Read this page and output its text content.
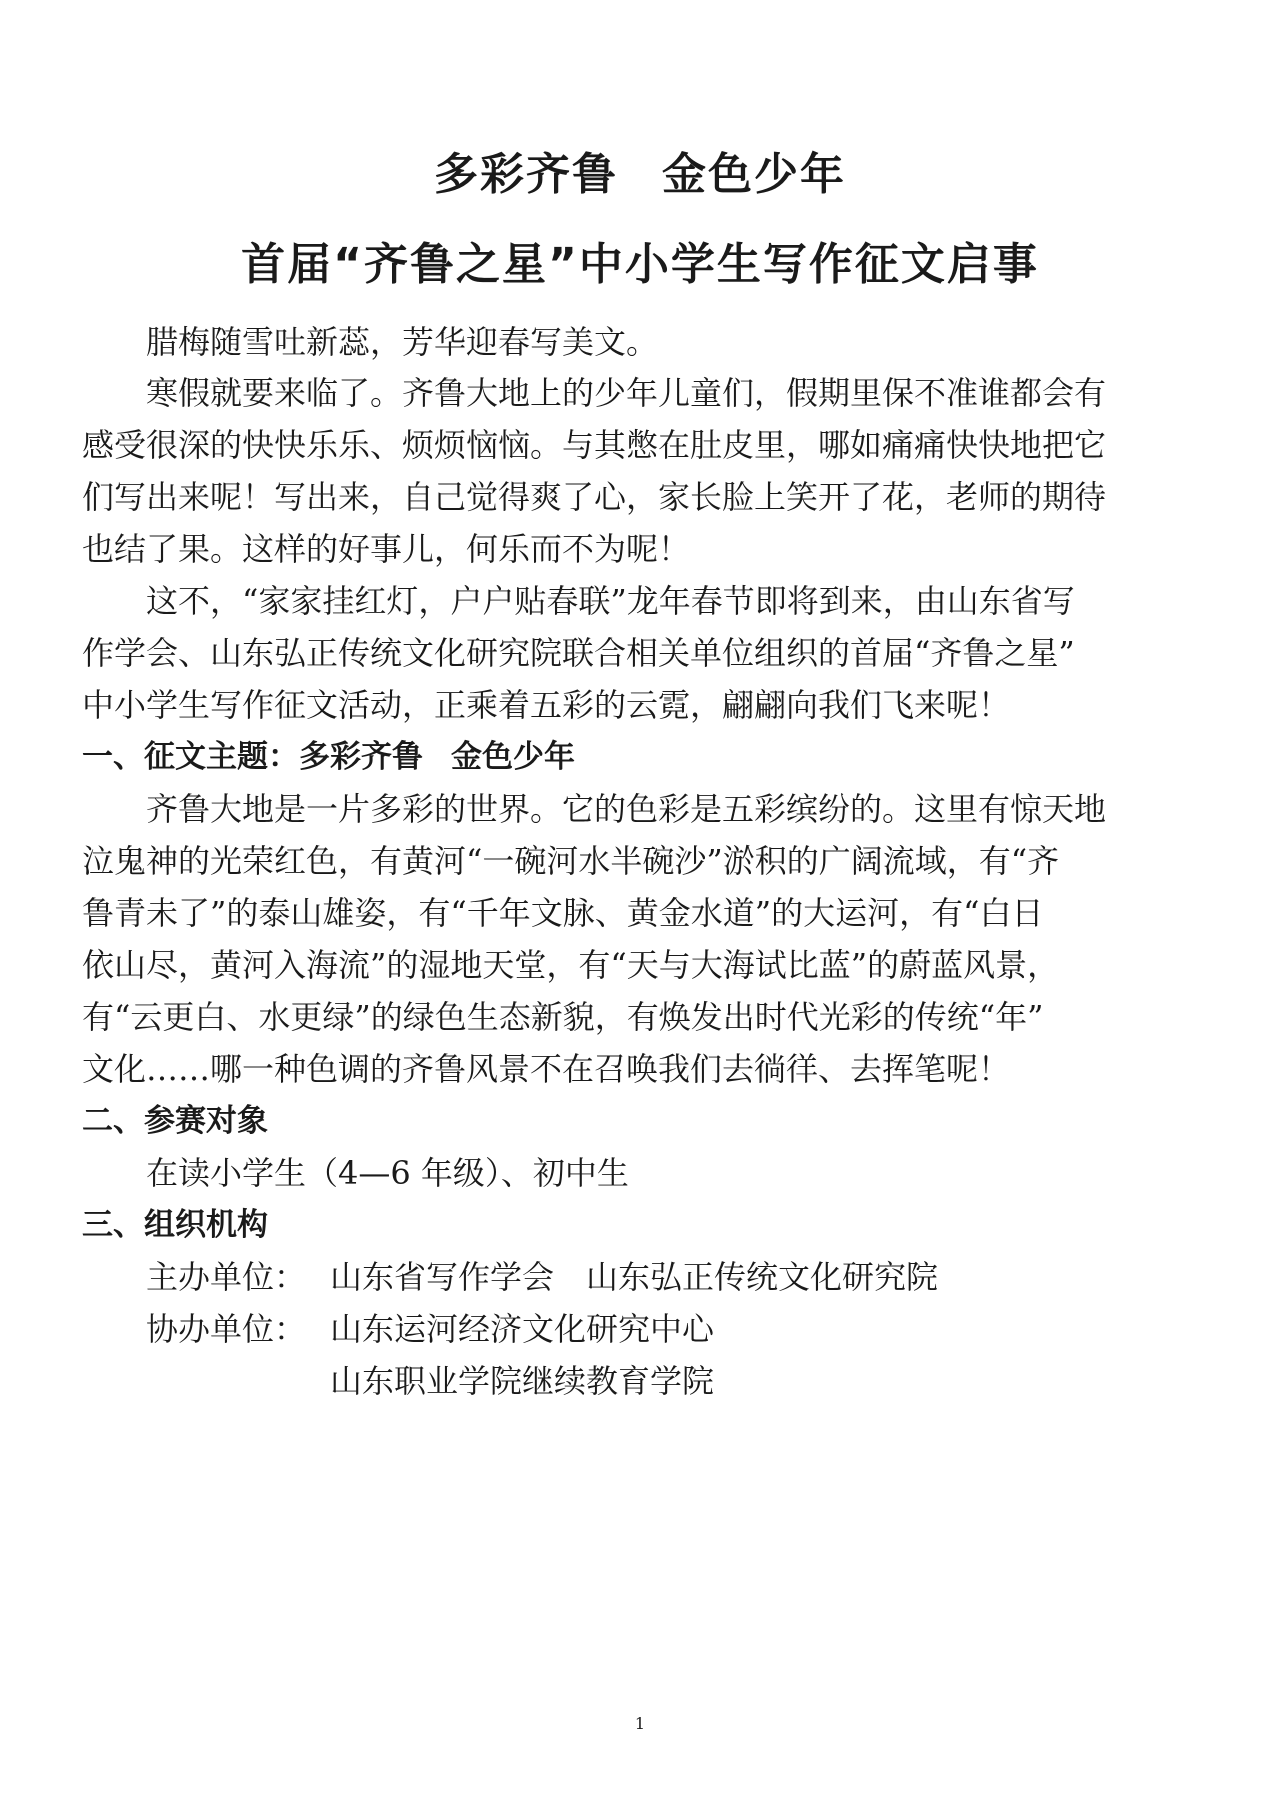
多彩齐鲁 金色少年
首届“齐鲁之星”中小学生写作征文启事

腊梅随雪吐新蕊，芳华迎春写美文。

寒假就要来临了。齐鲁大地上的少年儿童们，假期里保不准谁都会有

感受很深的快快乐乐、烦烦恼恼。与其憋在肚皮里，哪如痛痛快快地把它

们写出来呢！写出来，自己觉得爽了心，家长脸上笑开了花，老师的期待

也结了果。这样的好事儿，何乐而不为呢！

这不，“家家挂红灯，户户贴春联”龙年春节即将到来，由山东省写

作学会、山东弘正传统文化研究院联合相关单位组织的首届“齐鲁之星”

中小学生写作征文活动，正乘着五彩的云霓，翩翩向我们飞来呢！

一、征文主题：多彩齐鲁 金色少年

齐鲁大地是一片多彩的世界。它的色彩是五彩缤纷的。这里有惊天地

泣鬼神的光荣红色，有黄河“一碗河水半碗沙”淤积的广阔流域，有“齐

鲁青未了”的泰山雄姿，有“千年文脉、黄金水道”的大运河，有“白日

依山尽，黄河入海流”的湿地天堂，有“天与大海试比蓝”的蔚蓝风景，

有“云更白、水更绿”的绿色生态新貌，有焕发出时代光彩的传统“年”

文化……哪一种色调的齐鲁风景不在召唤我们去徜徉、去挥笔呢！

二、参赛对象

在读小学生（4—6 年级）、初中生

三、组织机构

主办单位： 山东省写作学会　山东弘正传统文化研究院

协办单位： 山东运河经济文化研究中心

山东职业学院继续教育学院

1
